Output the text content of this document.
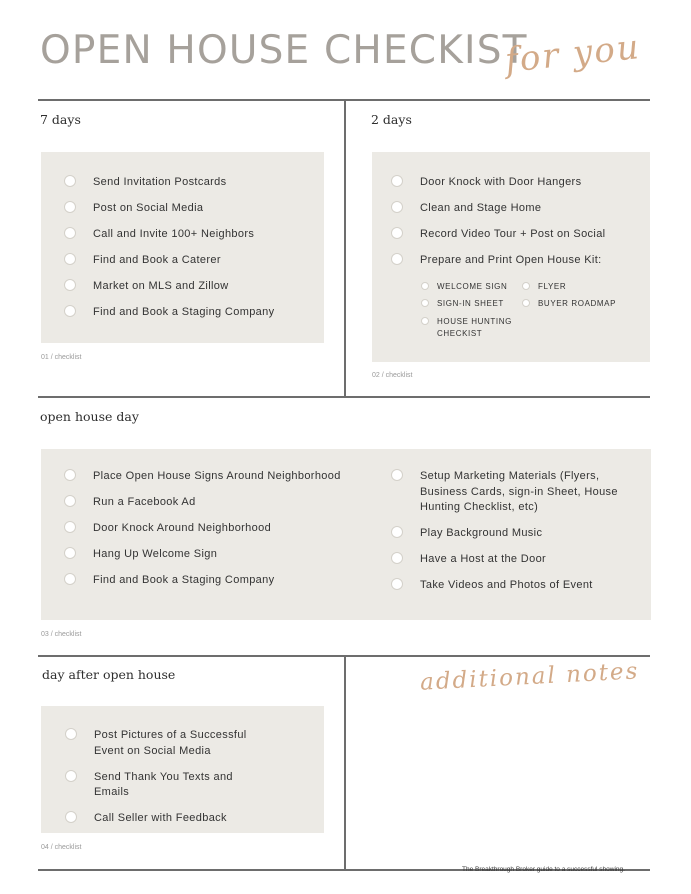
OPEN HOUSE CHECKIST
for you
7 days
Send Invitation Postcards
Post on Social Media
Call and Invite 100+ Neighbors
Find and Book a Caterer
Market on MLS and Zillow
Find and Book a Staging Company
01 / checklist
2 days
Door Knock with Door Hangers
Clean and Stage Home
Record Video Tour + Post on Social
Prepare and Print Open House Kit:
WELCOME SIGN	FLYER
SIGN-IN SHEET	BUYER ROADMAP
HOUSE HUNTING CHECKIST
02 / checklist
open house day
Place Open House Signs Around Neighborhood
Run a Facebook Ad
Door Knock Around Neighborhood
Hang Up Welcome Sign
Find and Book a Staging Company
Setup Marketing Materials (Flyers, Business Cards, sign-in Sheet, House Hunting Checklist, etc)
Play Background Music
Have a Host at the Door
Take Videos and Photos of Event
03 / checklist
day after open house
Post Pictures of a Successful Event on Social Media
Send Thank You Texts and Emails
Call Seller with Feedback
04 / checklist
additional notes
The Breakthrough Broker guide to a successful showing.
